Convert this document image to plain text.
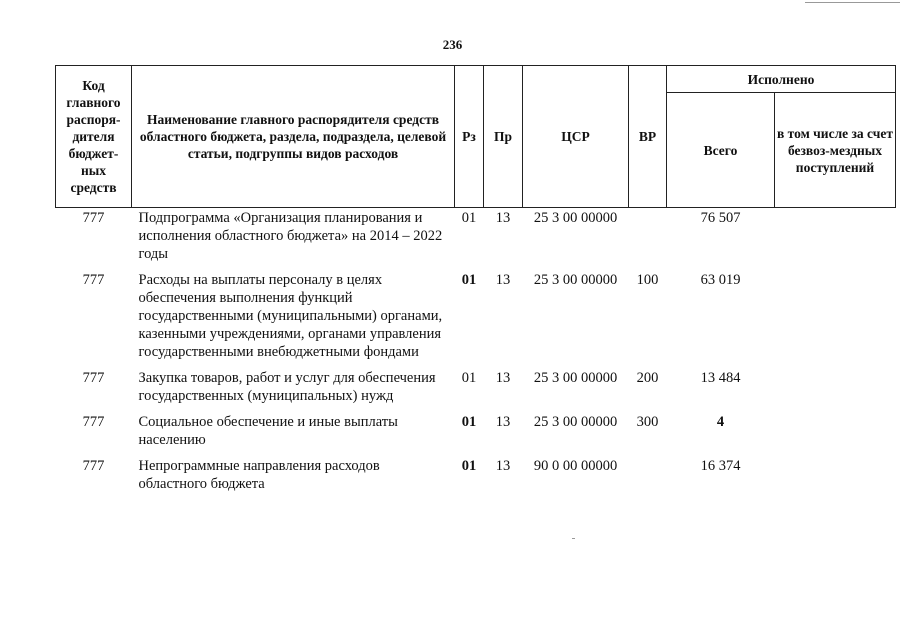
236
Код главного распоря-дителя бюджет-ных средств	Наименование главного распорядителя средств областного бюджета, раздела, подраздела, целевой статьи, подгруппы видов расходов	Рз	Пр	ЦСР	ВР	Исполнено	
						Всего	в том числе за счет безвоз-мездных поступлений
777	Подпрограмма «Организация планирования и исполнения областного бюджета» на 2014 – 2022 годы	01	13	25 3 00 00000		76 507	
777	Расходы на выплаты персоналу в целях обеспечения выполнения функций государственными (муниципальными) органами, казенными учреждениями, органами управления государственными внебюджетными фондами	01	13	25 3 00 00000	100	63 019	
777	Закупка товаров, работ и услуг для обеспечения государственных (муниципальных) нужд	01	13	25 3 00 00000	200	13 484	
777	Социальное обеспечение и иные выплаты населению	01	13	25 3 00 00000	300	4	
777	Непрограммные направления расходов областного бюджета	01	13	90 0 00 00000		16 374	
